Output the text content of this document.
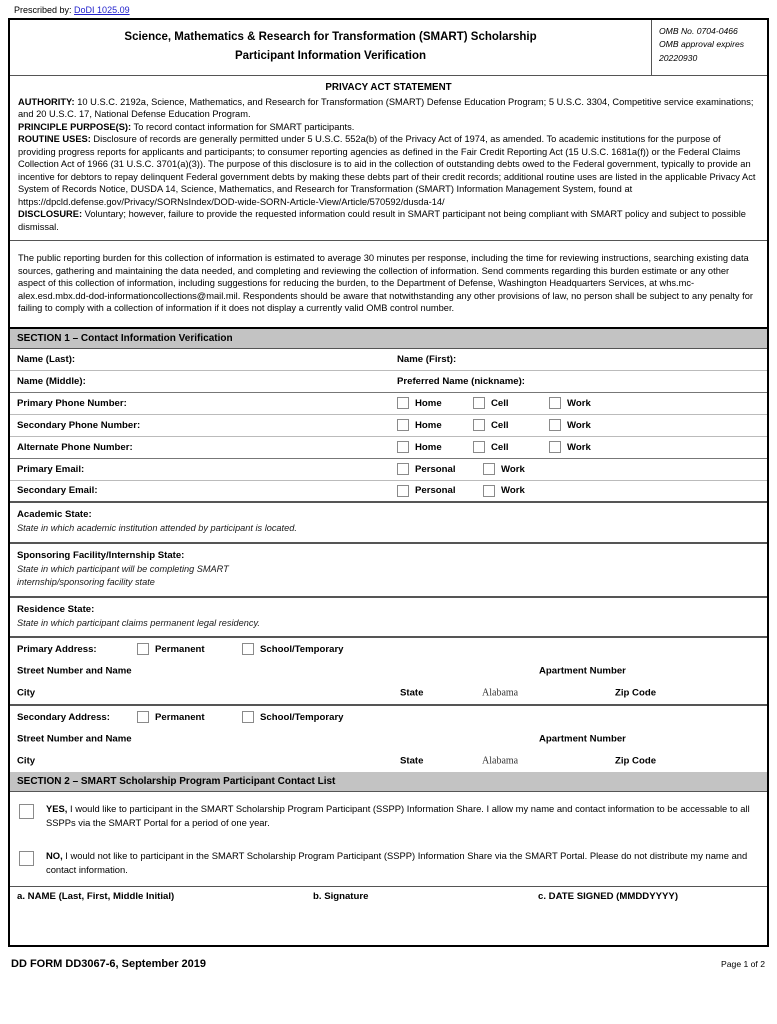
Prescribed by: DoDI 1025.09
Science, Mathematics & Research for Transformation (SMART) Scholarship
Participant Information Verification
OMB No. 0704-0466
OMB approval expires
20220930
PRIVACY ACT STATEMENT

AUTHORITY: 10 U.S.C. 2192a, Science, Mathematics, and Research for Transformation (SMART) Defense Education Program; 5 U.S.C. 3304, Competitive service examinations; and 20 U.S.C. 17, National Defense Education Program.

PRINCIPLE PURPOSE(S): To record contact information for SMART participants.

ROUTINE USES: Disclosure of records are generally permitted under 5 U.S.C. 552a(b) of the Privacy Act of 1974, as amended. To academic institutions for the purpose of providing progress reports for applicants and participants; to consumer reporting agencies as defined in the Fair Credit Reporting Act (15 U.S.C. 1681a(f)) or the Federal Claims Collection Act of 1966 (31 U.S.C. 3701(a)(3)). The purpose of this disclosure is to aid in the collection of outstanding debts owed to the Federal government, typically to provide an incentive for debtors to repay delinquent Federal government debts by making these debts part of their credit records; additional routine uses are listed in the applicable Privacy Act System of Records Notice, DUSDA 14, Science, Mathematics, and Research for Transformation (SMART) Information Management System, found at https://dpcld.defense.gov/Privacy/SORNsIndex/DOD-wide-SORN-Article-View/Article/570592/dusda-14/

DISCLOSURE: Voluntary; however, failure to provide the requested information could result in SMART participant not being compliant with SMART policy and subject to possible dismissal.

The public reporting burden for this collection of information is estimated to average 30 minutes per response, including the time for reviewing instructions, searching existing data sources, gathering and maintaining the data needed, and completing and reviewing the collection of information. Send comments regarding this burden estimate or any other aspect of this collection of information, including suggestions for reducing the burden, to the Department of Defense, Washington Headquarters Services, at whs.mc-alex.esd.mbx.dd-dod-informationcollections@mail.mil. Respondents should be aware that notwithstanding any other provisions of law, no person shall be subject to any penalty for failing to comply with a collection of information if it does not display a currently valid OMB control number.

SECTION 1 – Contact Information Verification
Name (Last):	Name (First):
Name (Middle):	Preferred Name (nickname):
Primary Phone Number:	Home	Cell	Work
Secondary Phone Number:	Home	Cell	Work
Alternate Phone Number:	Home	Cell	Work
Primary Email:	Personal	Work
Secondary Email:	Personal	Work
Academic State:
State in which academic institution attended by participant is located.
Sponsoring Facility/Internship State:
State in which participant will be completing SMART
internship/sponsoring facility state
Residence State:
State in which participant claims permanent legal residency.
Primary Address:	Permanent	School/Temporary
Street Number and Name	Apartment Number
City	State	Alabama	Zip Code
Secondary Address:	Permanent	School/Temporary
Street Number and Name	Apartment Number
City	State	Alabama	Zip Code
SECTION 2 – SMART Scholarship Program Participant Contact List
YES, I would like to participant in the SMART Scholarship Program Participant (SSPP) Information Share. I allow my name and contact information to be accessable to all SSPPs via the SMART Portal for a period of one year.
NO, I would not like to participant in the SMART Scholarship Program Participant (SSPP) Information Share via the SMART Portal. Please do not distribute my name and contact information.
a. NAME (Last, First, Middle Initial)	b. Signature	c. DATE SIGNED (MMDDYYYY)
DD FORM DD3067-6, September 2019	Page 1 of 2
